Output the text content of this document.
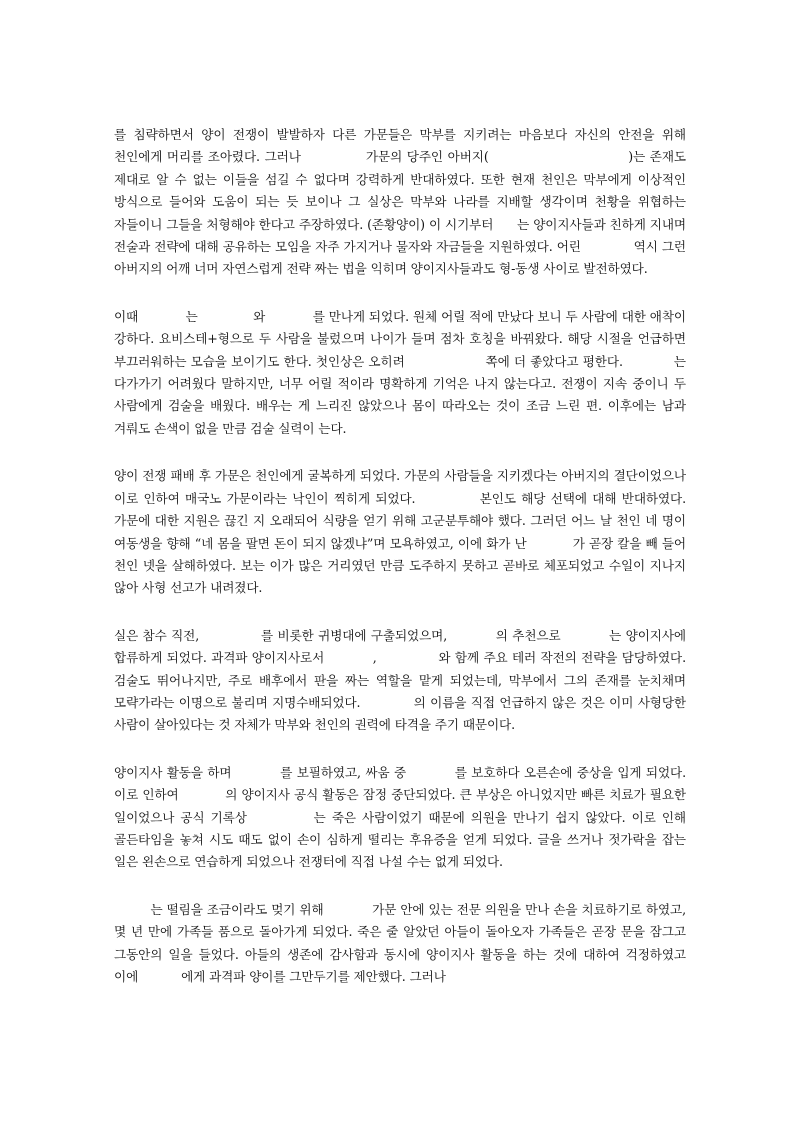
를 침략하면서 양이 전쟁이 발발하자 다른 가문들은 막부를 지키려는 마음보다 자신의 안전을 위해 천인에게 머리를 조아렸다. 그러나              가문의 당주인 아버지(                              )는 존재도 제대로 알 수 없는 이들을 섬길 수 없다며 강력하게 반대하였다. 또한 현재 천인은 막부에게 이상적인 방식으로 들어와 도움이 되는 듯 보이나 그 실상은 막부와 나라를 지배할 생각이며 천황을 위협하는 자들이니 그들을 처형해야 한다고 주장하였다. (존황양이) 이 시기부터      는 양이지사들과 친하게 지내며 전술과 전략에 대해 공유하는 모임을 자주 가지거나 물자와 자금들을 지원하였다. 어린             역시 그런 아버지의 어깨 너머 자연스럽게 전략 짜는 법을 익히며 양이지사들과도 형-동생 사이로 발전하였다.

이때            는              와            를 만나게 되었다. 원체 어릴 적에 만났다 보니 두 사람에 대한 애착이 강하다. 요비스테+형으로 두 사람을 불렀으며 나이가 들며 점차 호칭을 바꿔왔다. 해당 시절을 언급하면 부끄러워하는 모습을 보이기도 한다. 첫인상은 오히려                   쪽에 더 좋았다고 평한다.            는 다가가기 어려웠다 말하지만, 너무 어릴 적이라 명확하게 기억은 나지 않는다고. 전쟁이 지속 중이니 두 사람에게 검술을 배웠다. 배우는 게 느리진 않았으나 몸이 따라오는 것이 조금 느린 편. 이후에는 남과 겨뤄도 손색이 없을 만큼 검술 실력이 는다.

양이 전쟁 패배 후 가문은 천인에게 굴복하게 되었다. 가문의 사람들을 지키겠다는 아버지의 결단이었으나 이로 인하여 매국노 가문이라는 낙인이 찍히게 되었다.            본인도 해당 선택에 대해 반대하였다.             가문에 대한 지원은 끊긴 지 오래되어 식량을 얻기 위해 고군분투해야 했다. 그러던 어느 날 천인 네 명이 여동생을 향해 “네 몸을 팔면 돈이 되지 않겠냐”며 모욕하였고, 이에 화가 난           가 곧장 칼을 빼 들어 천인 넷을 살해하였다. 보는 이가 많은 거리였던 만큼 도주하지 못하고 곧바로 체포되었고 수일이 지나지 않아 사형 선고가 내려졌다.

실은 참수 직전,              를 비롯한 귀병대에 구출되었으며,           의 추천으로           는 양이지사에 합류하게 되었다. 과격파 양이지사로서           ,              와 함께 주요 테러 작전의 전략을 담당하였다. 검술도 뛰어나지만, 주로 배후에서 판을 짜는 역할을 맡게 되었는데, 막부에서 그의 존재를 눈치채며 모략가라는 이명으로 불리며 지명수배되었다.            의 이름을 직접 언급하지 않은 것은 이미 사형당한 사람이 살아있다는 것 자체가 막부와 천인의 권력에 타격을 주기 때문이다.

양이지사 활동을 하며           를 보필하였고, 싸움 중           를 보호하다 오른손에 중상을 입게 되었다. 이로 인하여           의 양이지사 공식 활동은 잠정 중단되었다. 큰 부상은 아니었지만 빠른 치료가 필요한 일이었으나 공식 기록상           는 죽은 사람이었기 때문에 의원을 만나기 쉽지 않았다. 이로 인해 골든타임을 놓쳐 시도 때도 없이 손이 심하게 떨리는 후유증을 얻게 되었다. 글을 쓰거나 젓가락을 잡는 일은 왼손으로 연습하게 되었으나 전쟁터에 직접 나설 수는 없게 되었다.

는 떨림을 조금이라도 멎기 위해            가문 안에 있는 전문 의원을 만나 손을 치료하기로 하였고, 몇 년 만에 가족들 품으로 돌아가게 되었다. 죽은 줄 알았던 아들이 돌아오자 가족들은 곧장 문을 잠그고 그동안의 일을 들었다. 아들의 생존에 감사함과 동시에 양이지사 활동을 하는 것에 대하여 걱정하였고 이에           에게 과격파 양이를 그만두기를 제안했다. 그러나
